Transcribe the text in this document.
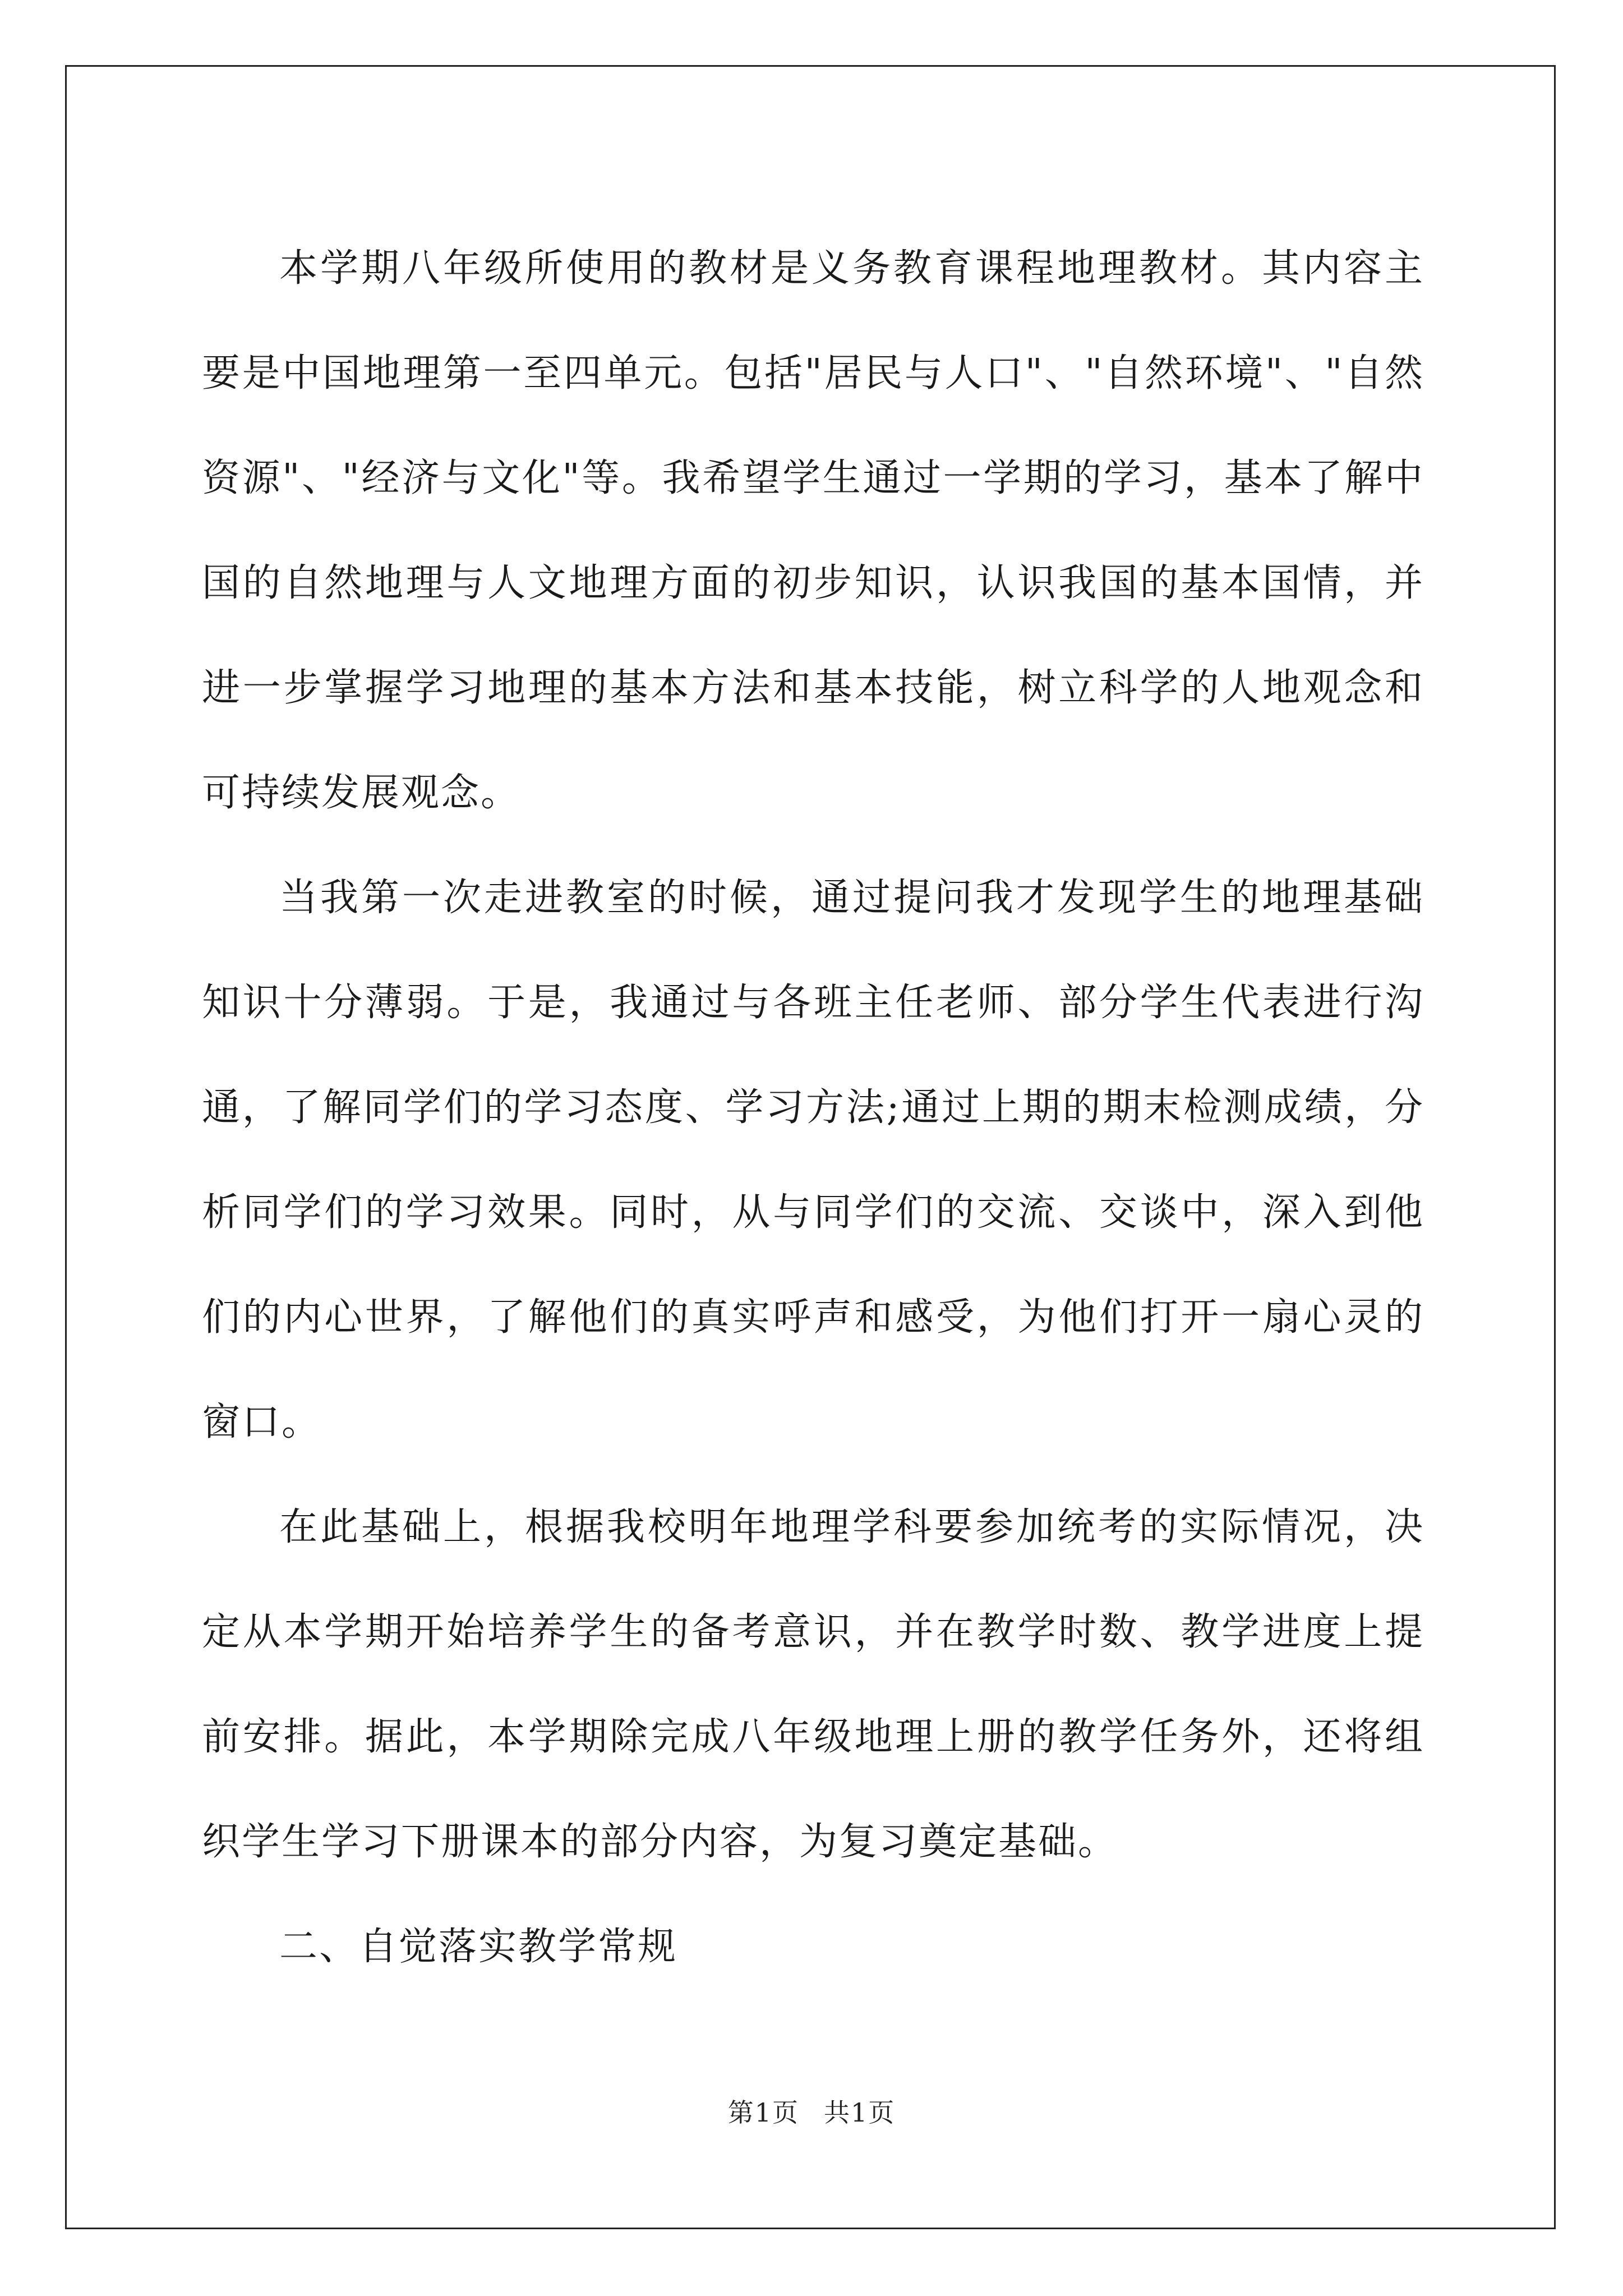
本学期八年级所使用的教材是义务教育课程地理教材。其内容主要是中国地理第一至四单元。包括"居民与人口"、"自然环境"、"自然资源"、"经济与文化"等。我希望学生通过一学期的学习，基本了解中国的自然地理与人文地理方面的初步知识，认识我国的基本国情，并进一步掌握学习地理的基本方法和基本技能，树立科学的人地观念和可持续发展观念。

当我第一次走进教室的时候，通过提问我才发现学生的地理基础知识十分薄弱。于是，我通过与各班主任老师、部分学生代表进行沟通，了解同学们的学习态度、学习方法;通过上期的期末检测成绩，分析同学们的学习效果。同时，从与同学们的交流、交谈中，深入到他们的内心世界，了解他们的真实呼声和感受，为他们打开一扇心灵的窗口。

在此基础上，根据我校明年地理学科要参加统考的实际情况，决定从本学期开始培养学生的备考意识，并在教学时数、教学进度上提前安排。据此，本学期除完成八年级地理上册的教学任务外，还将组织学生学习下册课本的部分内容，为复习奠定基础。

二、自觉落实教学常规

第1页 共1页
